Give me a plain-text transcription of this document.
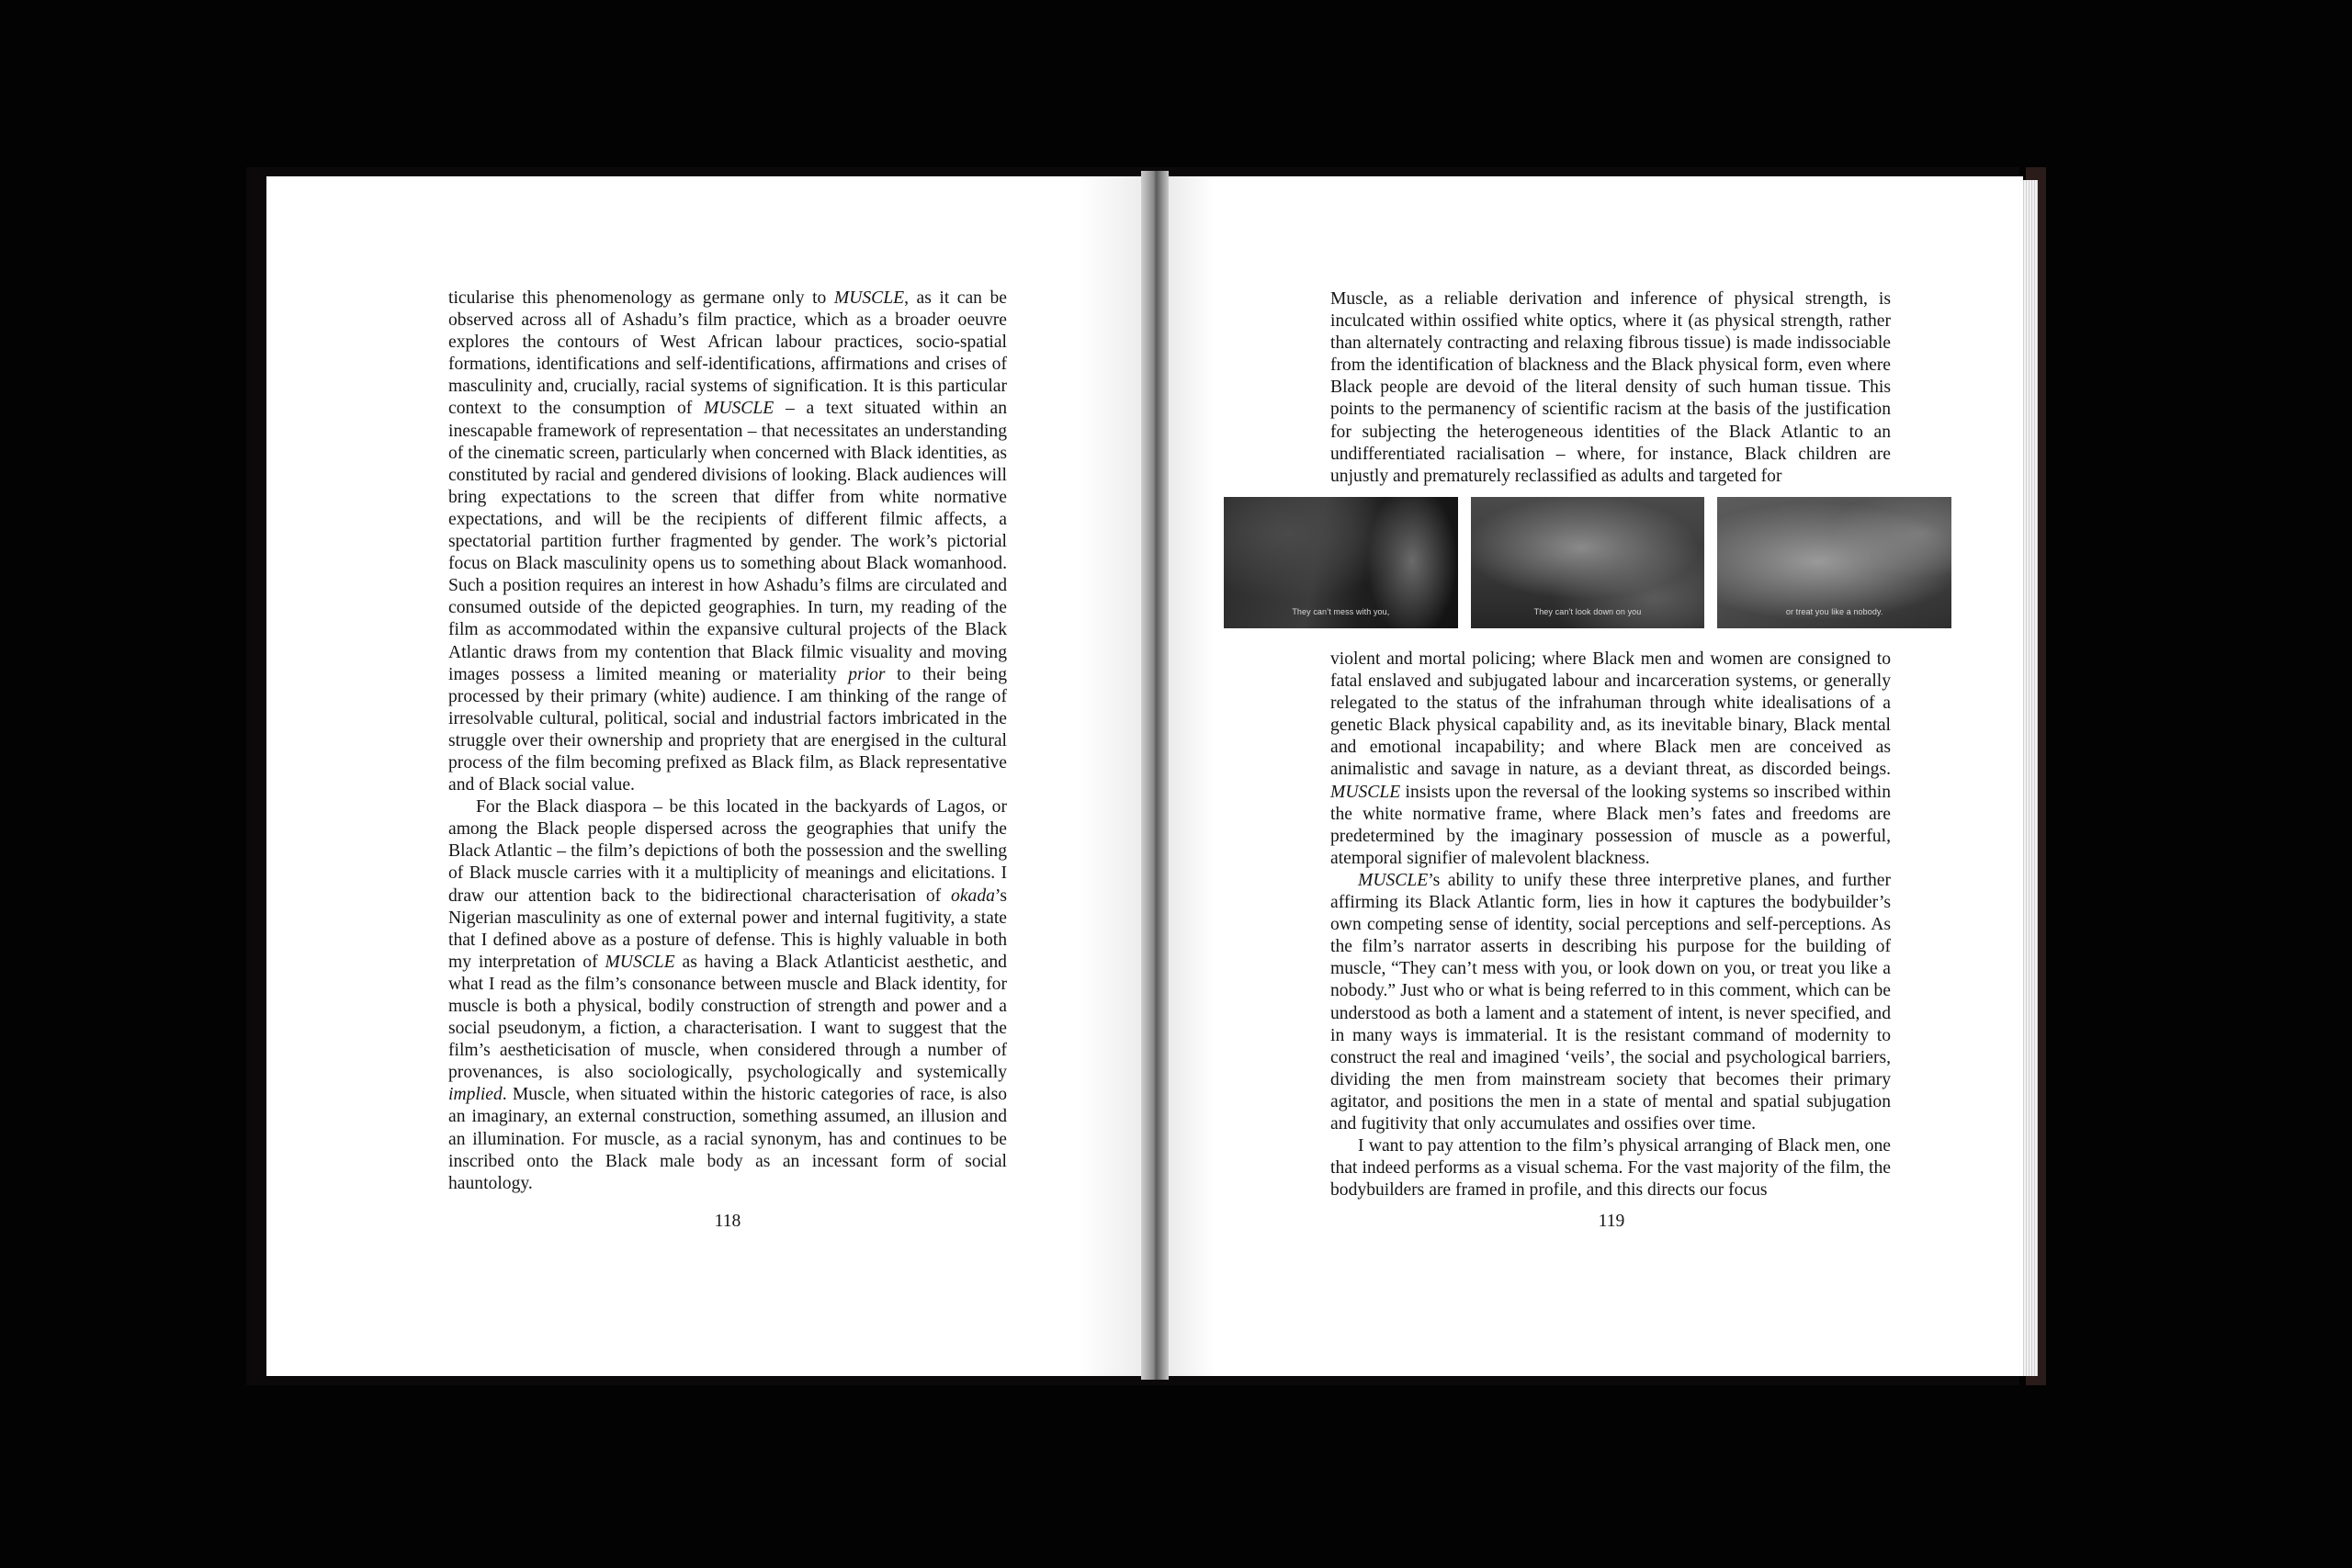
ticularise this phenomenology as germane only to MUSCLE, as it can be observed across all of Ashadu’s film practice, which as a broader oeuvre explores the contours of West African labour practices, socio-spatial formations, identifications and self-identifications, affirmations and crises of masculinity and, crucially, racial systems of signification. It is this particular context to the consumption of MUSCLE – a text situated within an inescapable framework of representation – that necessitates an understanding of the cinematic screen, particularly when concerned with Black identities, as constituted by racial and gendered divisions of looking. Black audiences will bring expectations to the screen that differ from white normative expectations, and will be the recipients of different filmic affects, a spectatorial partition further fragmented by gender. The work’s pictorial focus on Black masculinity opens us to something about Black womanhood. Such a position requires an interest in how Ashadu’s films are circulated and consumed outside of the depicted geographies. In turn, my reading of the film as accommodated within the expansive cultural projects of the Black Atlantic draws from my contention that Black filmic visuality and moving images possess a limited meaning or materiality prior to their being processed by their primary (white) audience. I am thinking of the range of irresolvable cultural, political, social and industrial factors imbricated in the struggle over their ownership and propriety that are energised in the cultural process of the film becoming prefixed as Black film, as Black representative and of Black social value.

For the Black diaspora – be this located in the backyards of Lagos, or among the Black people dispersed across the geographies that unify the Black Atlantic – the film’s depictions of both the possession and the swelling of Black muscle carries with it a multiplicity of meanings and elicitations. I draw our attention back to the bidirectional characterisation of okada’s Nigerian masculinity as one of external power and internal fugitivity, a state that I defined above as a posture of defense. This is highly valuable in both my interpretation of MUSCLE as having a Black Atlanticist aesthetic, and what I read as the film’s consonance between muscle and Black identity, for muscle is both a physical, bodily construction of strength and power and a social pseudonym, a fiction, a characterisation. I want to suggest that the film’s aestheticisation of muscle, when considered through a number of provenances, is also sociologically, psychologically and systemically implied. Muscle, when situated within the historic categories of race, is also an imaginary, an external construction, something assumed, an illusion and an illumination. For muscle, as a racial synonym, has and continues to be inscribed onto the Black male body as an incessant form of social hauntology.

118

Muscle, as a reliable derivation and inference of physical strength, is inculcated within ossified white optics, where it (as physical strength, rather than alternately contracting and relaxing fibrous tissue) is made indissociable from the identification of blackness and the Black physical form, even where Black people are devoid of the literal density of such human tissue. This points to the permanency of scientific racism at the basis of the justification for subjecting the heterogeneous identities of the Black Atlantic to an undifferentiated racialisation – where, for instance, Black children are unjustly and prematurely reclassified as adults and targeted for

violent and mortal policing; where Black men and women are consigned to fatal enslaved and subjugated labour and incarceration systems, or generally relegated to the status of the infrahuman through white idealisations of a genetic Black physical capability and, as its inevitable binary, Black mental and emotional incapability; and where Black men are conceived as animalistic and savage in nature, as a deviant threat, as discorded beings. MUSCLE insists upon the reversal of the looking systems so inscribed within the white normative frame, where Black men’s fates and freedoms are predetermined by the imaginary possession of muscle as a powerful, atemporal signifier of malevolent blackness.

MUSCLE’s ability to unify these three interpretive planes, and further affirming its Black Atlantic form, lies in how it captures the bodybuilder’s own competing sense of identity, social perceptions and self-perceptions. As the film’s narrator asserts in describing his purpose for the building of muscle, “They can’t mess with you, or look down on you, or treat you like a nobody.” Just who or what is being referred to in this comment, which can be understood as both a lament and a statement of intent, is never specified, and in many ways is immaterial. It is the resistant command of modernity to construct the real and imagined ‘veils’, the social and psychological barriers, dividing the men from mainstream society that becomes their primary agitator, and positions the men in a state of mental and spatial subjugation and fugitivity that only accumulates and ossifies over time.

I want to pay attention to the film’s physical arranging of Black men, one that indeed performs as a visual schema. For the vast majority of the film, the bodybuilders are framed in profile, and this directs our focus

119
They can’t mess with you,	They can’t look down on you	or treat you like a nobody.
